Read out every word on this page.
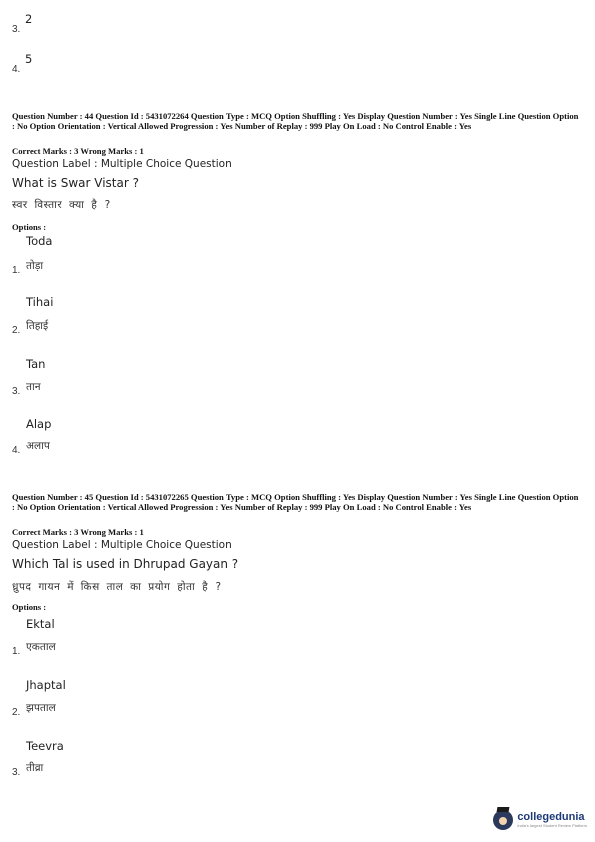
3.
2
4.
5
Question Number : 44 Question Id : 5431072264 Question Type : MCQ Option Shuffling : Yes Display Question Number : Yes Single Line Question Option : No Option Orientation : Vertical Allowed Progression : Yes Number of Replay : 999 Play On Load : No Control Enable : Yes
Correct Marks : 3 Wrong Marks : 1
Question Label : Multiple Choice Question
What is Swar Vistar ?
स्वर विस्तार क्या है ?
Options :
Toda
तोड़ा
1.
Tihai
तिहाई
2.
Tan
तान
3.
Alap
अलाप
4.
Question Number : 45 Question Id : 5431072265 Question Type : MCQ Option Shuffling : Yes Display Question Number : Yes Single Line Question Option : No Option Orientation : Vertical Allowed Progression : Yes Number of Replay : 999 Play On Load : No Control Enable : Yes
Correct Marks : 3 Wrong Marks : 1
Question Label : Multiple Choice Question
Which Tal is used in Dhrupad Gayan ?
ध्रुपद गायन में किस ताल का प्रयोग होता है ?
Options :
Ektal
एकताल
1.
Jhaptal
झपताल
2.
Teevra
तीव्रा
3.
collegedunia
India's largest Student Review Platform
